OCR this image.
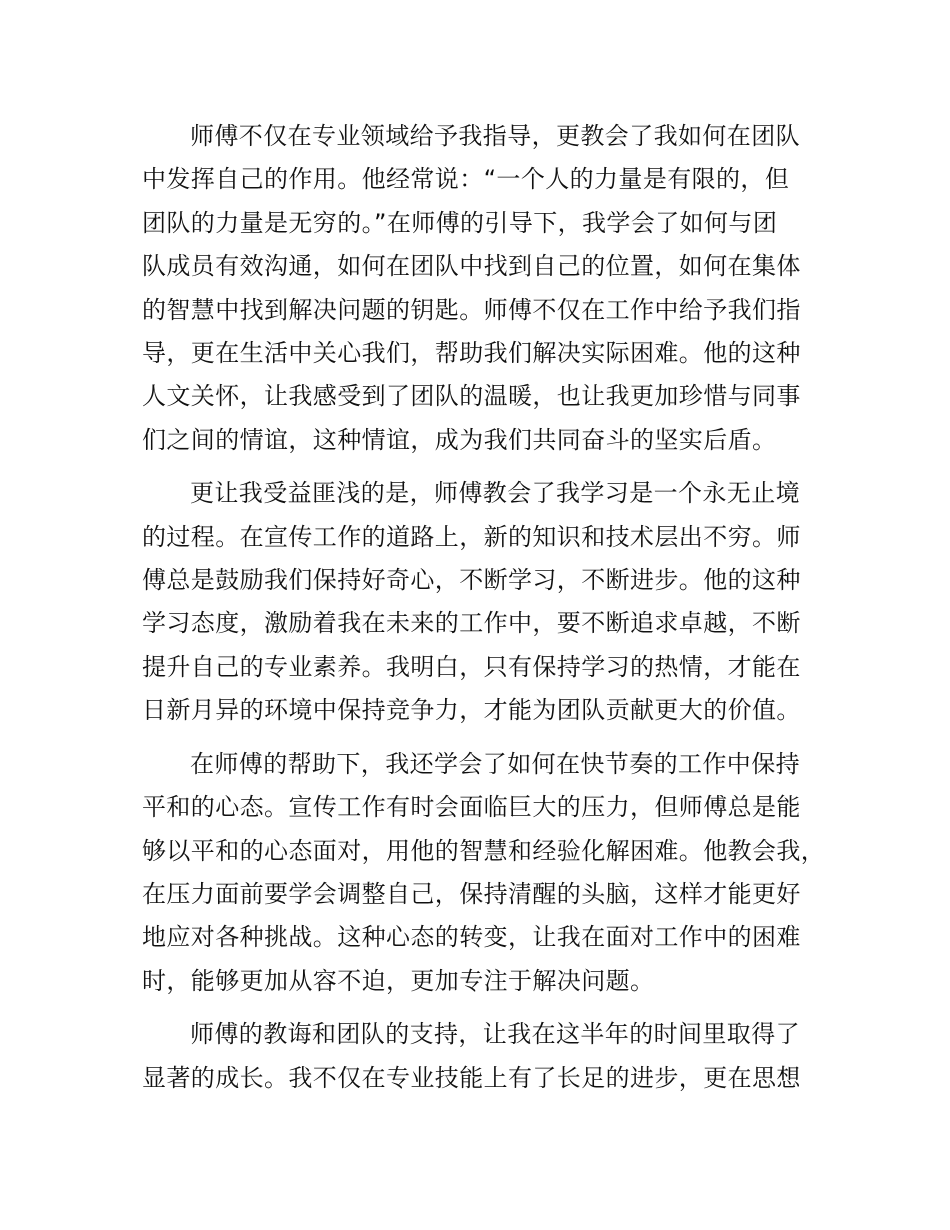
师傅不仅在专业领域给予我指导，更教会了我如何在团队
中发挥自己的作用。他经常说：“一个人的力量是有限的，但
团队的力量是无穷的。”在师傅的引导下，我学会了如何与团
队成员有效沟通，如何在团队中找到自己的位置，如何在集体
的智慧中找到解决问题的钥匙。师傅不仅在工作中给予我们指
导，更在生活中关心我们，帮助我们解决实际困难。他的这种
人文关怀，让我感受到了团队的温暖，也让我更加珍惜与同事
们之间的情谊，这种情谊，成为我们共同奋斗的坚实后盾。

更让我受益匪浅的是，师傅教会了我学习是一个永无止境
的过程。在宣传工作的道路上，新的知识和技术层出不穷。师
傅总是鼓励我们保持好奇心，不断学习，不断进步。他的这种
学习态度，激励着我在未来的工作中，要不断追求卓越，不断
提升自己的专业素养。我明白，只有保持学习的热情，才能在
日新月异的环境中保持竞争力，才能为团队贡献更大的价值。

在师傅的帮助下，我还学会了如何在快节奏的工作中保持
平和的心态。宣传工作有时会面临巨大的压力，但师傅总是能
够以平和的心态面对，用他的智慧和经验化解困难。他教会我，
在压力面前要学会调整自己，保持清醒的头脑，这样才能更好
地应对各种挑战。这种心态的转变，让我在面对工作中的困难
时，能够更加从容不迫，更加专注于解决问题。

师傅的教诲和团队的支持，让我在这半年的时间里取得了
显著的成长。我不仅在专业技能上有了长足的进步，更在思想
